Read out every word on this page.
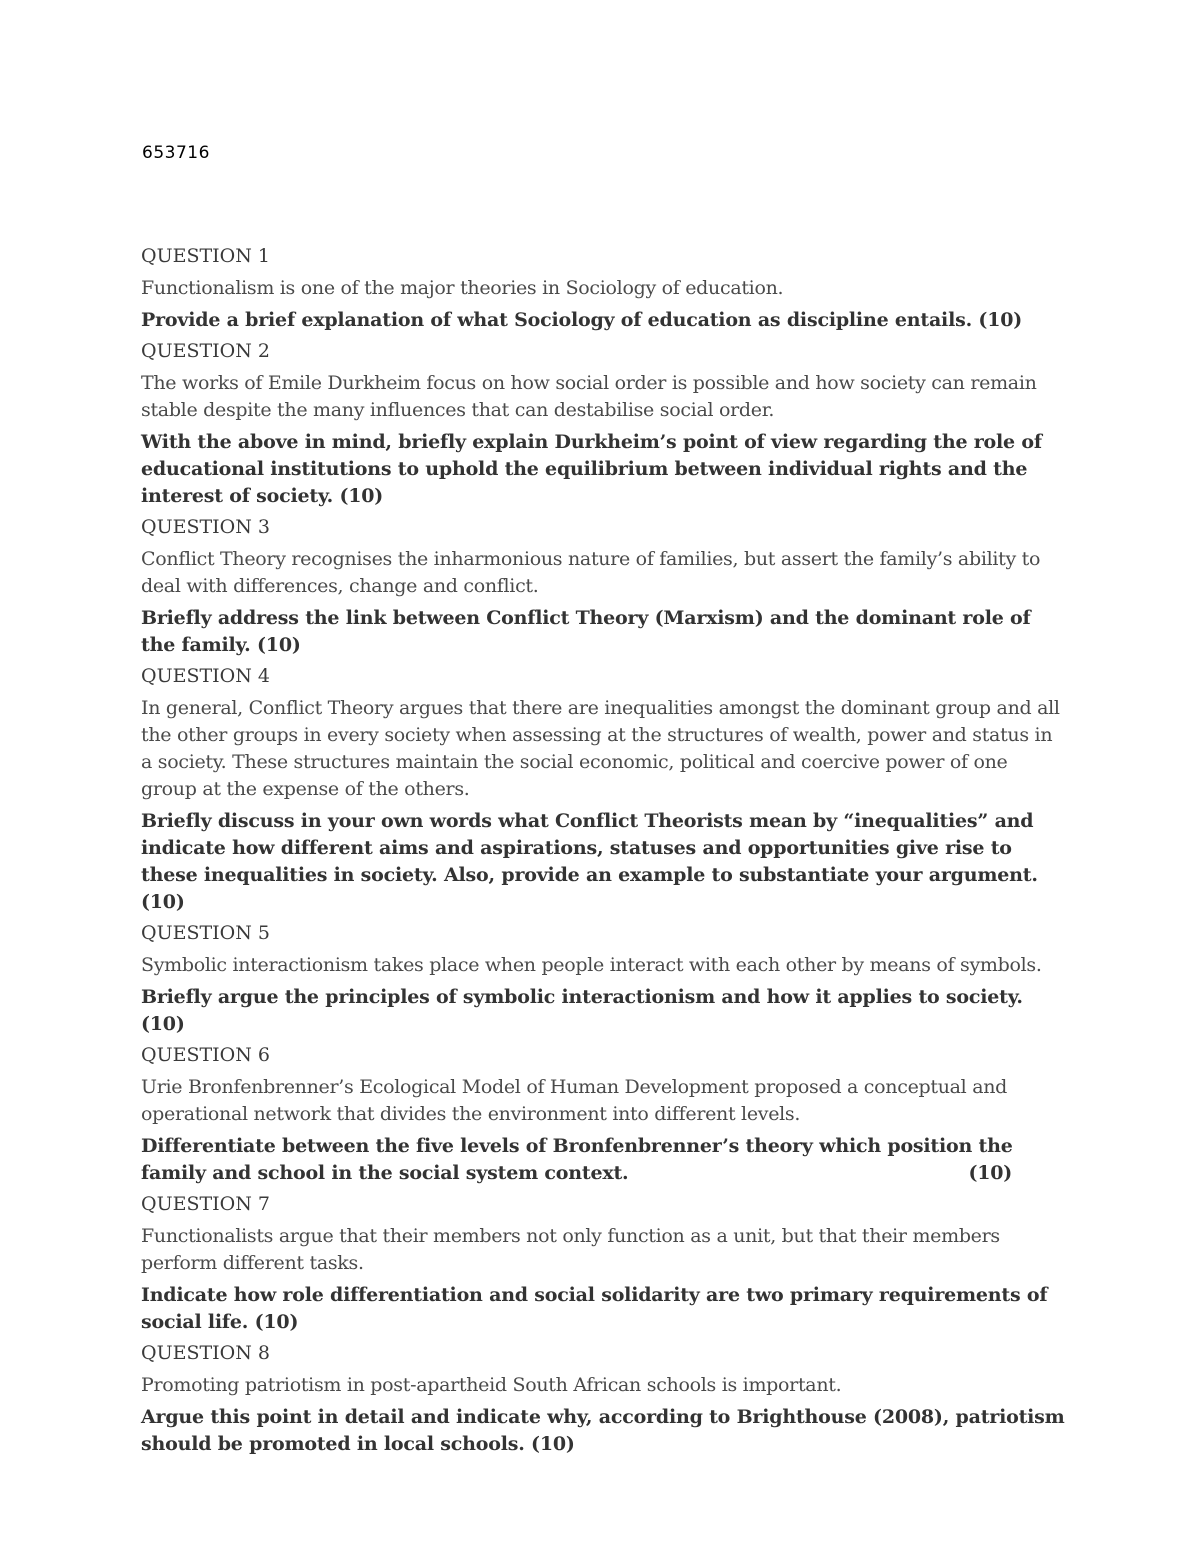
653716
QUESTION 1
Functionalism is one of the major theories in Sociology of education.
Provide a brief explanation of what Sociology of education as discipline entails. (10)
QUESTION 2
The works of Emile Durkheim focus on how social order is possible and how society can remain stable despite the many influences that can destabilise social order.
With the above in mind, briefly explain Durkheim’s point of view regarding the role of educational institutions to uphold the equilibrium between individual rights and the interest of society. (10)
QUESTION 3
Conflict Theory recognises the inharmonious nature of families, but assert the family’s ability to deal with differences, change and conflict.
Briefly address the link between Conflict Theory (Marxism) and the dominant role of the family. (10)
QUESTION 4
In general, Conflict Theory argues that there are inequalities amongst the dominant group and all the other groups in every society when assessing at the structures of wealth, power and status in a society. These structures maintain the social economic, political and coercive power of one group at the expense of the others.
Briefly discuss in your own words what Conflict Theorists mean by “inequalities” and indicate how different aims and aspirations, statuses and opportunities give rise to these inequalities in society. Also, provide an example to substantiate your argument. (10)
QUESTION 5
Symbolic interactionism takes place when people interact with each other by means of symbols.
Briefly argue the principles of symbolic interactionism and how it applies to society. (10)
QUESTION 6
Urie Bronfenbrenner’s Ecological Model of Human Development proposed a conceptual and operational network that divides the environment into different levels.
Differentiate between the five levels of Bronfenbrenner’s theory which position the family and school in the social system context.	(10)
QUESTION 7
Functionalists argue that their members not only function as a unit, but that their members perform different tasks.
Indicate how role differentiation and social solidarity are two primary requirements of social life. (10)
QUESTION 8
Promoting patriotism in post-apartheid South African schools is important.
Argue this point in detail and indicate why, according to Brighthouse (2008), patriotism should be promoted in local schools. (10)
